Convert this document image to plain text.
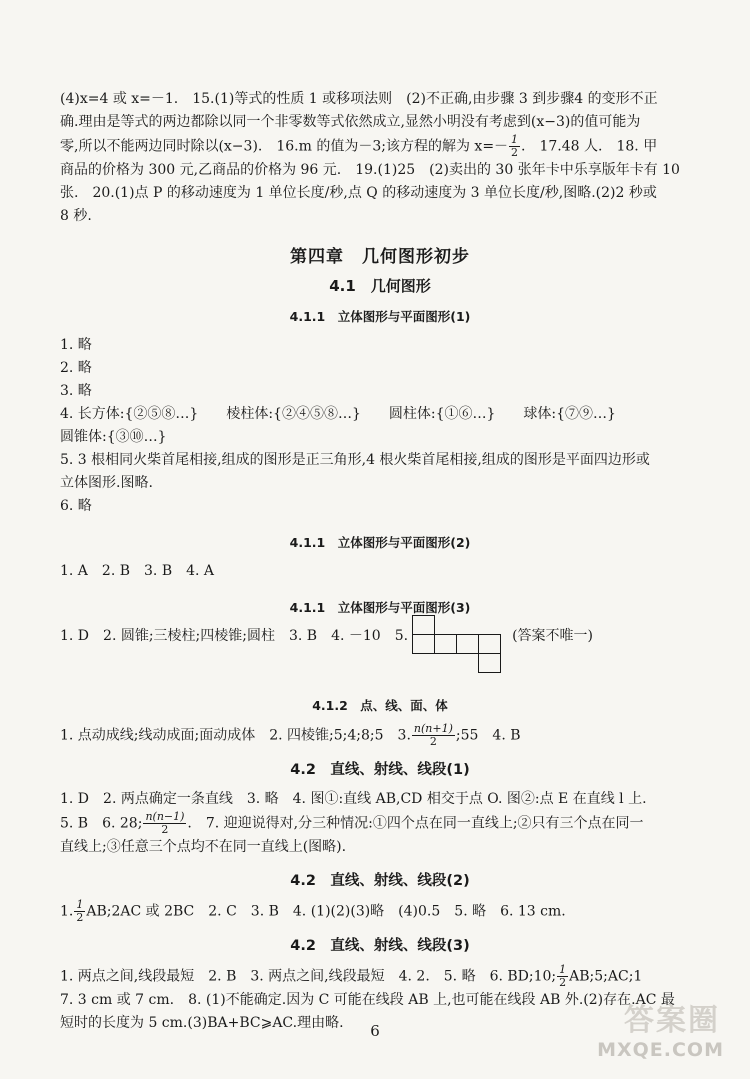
(4)x=4 或 x=－1.　15.(1)等式的性质 1 或移项法则　(2)不正确,由步骤 3 到步骤4 的变形不正

确.理由是等式的两边都除以同一个非零数等式依然成立,显然小明没有考虑到(x−3)的值可能为

零,所以不能两边同时除以(x−3).　16.m 的值为－3;该方程的解为 $x=- \frac{1}{2}$ .　17.48 人.　18. 甲

商品的价格为 300 元,乙商品的价格为 96 元.　19.(1)25　(2)卖出的 30 张年卡中乐享版年卡有 10

张.　20.(1)点 P 的移动速度为 1 单位长度/秒,点 Q 的移动速度为 3 单位长度/秒,图略.(2)2 秒或

8 秒.

第四章　几何图形初步
4.1　几何图形
4.1.1　立体图形与平面图形(1)

1. 略

2. 略

3. 略

4. 长方体:{②⑤⑧…}　　棱柱体:{②④⑤⑧…}　　圆柱体:{①⑥…}　　球体:{⑦⑨…}

圆锥体:{③⑩…}

5. 3 根相同火柴首尾相接,组成的图形是正三角形,4 根火柴首尾相接,组成的图形是平面四边形或

立体图形.图略.

6. 略

4.1.1　立体图形与平面图形(2)

1. A　2. B　3. B　4. A

4.1.1　立体图形与平面图形(3)
1. D　2. 圆锥;三棱柱;四棱锥;圆柱　3. B　4. －10　5.	(答案不唯一)
4.1.2　点、线、面、体

1. 点动成线;线动成面;面动成体　2. 四棱锥;5;4;8;5　3. $\frac{n(n+1)}{2}$ ;55　4. B

4.2　直线、射线、线段(1)

1. D　2. 两点确定一条直线　3. 略　4. 图①:直线 AB,CD 相交于点 O. 图②:点 E 在直线 l 上.

5. B　6. 28; $\frac{n(n-1)}{2}$ .　7. 迎迎说得对,分三种情况:①四个点在同一直线上;②只有三个点在同一

直线上;③任意三个点均不在同一直线上(图略).

4.2　直线、射线、线段(2)

1. $\frac{1}{2}$ AB;2AC 或 2BC　2. C　3. B　4. (1)(2)(3)略　(4)0.5　5. 略　6. 13 cm.

4.2　直线、射线、线段(3)

1. 两点之间,线段最短　2. B　3. 两点之间,线段最短　4. 2.　5. 略　6. BD;10; $\frac{1}{2}$ AB;5;AC;1

7. 3 cm 或 7 cm.　8. (1)不能确定.因为 C 可能在线段 AB 上,也可能在线段 AB 外.(2)存在.AC 最

短时的长度为 5 cm.(3)BA+BC⩾AC.理由略.	6	答案圈
MXQE.COM
